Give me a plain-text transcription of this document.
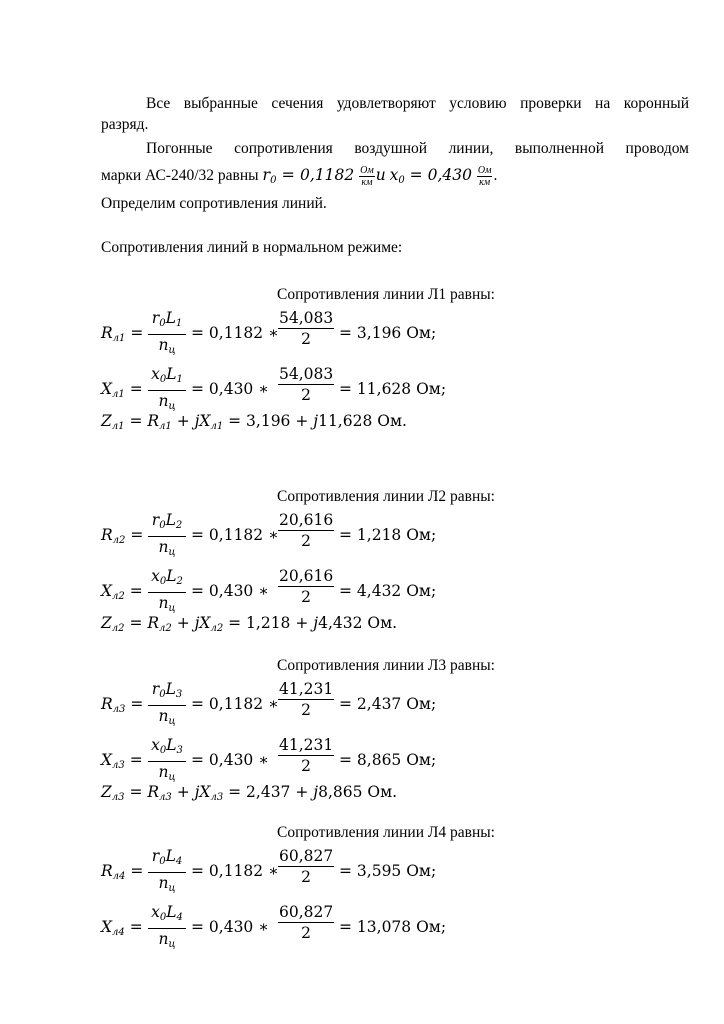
Все выбранные сечения удовлетворяют условию проверки на коронный
разряд.
Погонные сопротивления воздушной линии, выполненной проводом
марки АС-240/32 равны $r_0 = 0,1182$ Ом
км и $x_0 = 0,430$ Ом
км .
Определим сопротивления линий.
Сопротивления линий в нормальном режиме:
Сопротивления линии Л1 равны:
$R_{л1}$ =
$r_0L_1$
$n_ц$
= 0,1182 ∗ $\frac{54,083}{2} = 3,196$ Ом;
$X_{л1}$ =
$x_0L_1$
$n_ц$
= 0,430 ∗ $\frac{54,083}{2} = 11,628$ Ом;
$Z_{л1} = R_{л1} + jX_{л1} = 3,196 + j11,628$ Ом.
Сопротивления линии Л2 равны:
$R_{л2}$ =
$r_0L_2$
$n_ц$
= 0,1182 ∗ $\frac{20,616}{2} = 1,218$ Ом;
$X_{л2}$ =
$x_0L_2$
$n_ц$
= 0,430 ∗ $\frac{20,616}{2} = 4,432$ Ом;
$Z_{л2} = R_{л2} + jX_{л2} = 1,218 + j4,432$ Ом.
Сопротивления линии Л3 равны:
$R_{л3}$ =
$r_0L_3$
$n_ц$
= 0,1182 ∗ $\frac{41,231}{2} = 2,437$ Ом;
$X_{л3}$ =
$x_0L_3$
$n_ц$
= 0,430 ∗ $\frac{41,231}{2} = 8,865$ Ом;
$Z_{л3} = R_{л3} + jX_{л3} = 2,437 + j8,865$ Ом.
Сопротивления линии Л4 равны:
$R_{л4}$ =
$r_0L_4$
$n_ц$
= 0,1182 ∗ $\frac{60,827}{2} = 3,595$ Ом;
$X_{л4}$ =
$x_0L_4$
$n_ц$
= 0,430 ∗ $\frac{60,827}{2} = 13,078$ Ом;
